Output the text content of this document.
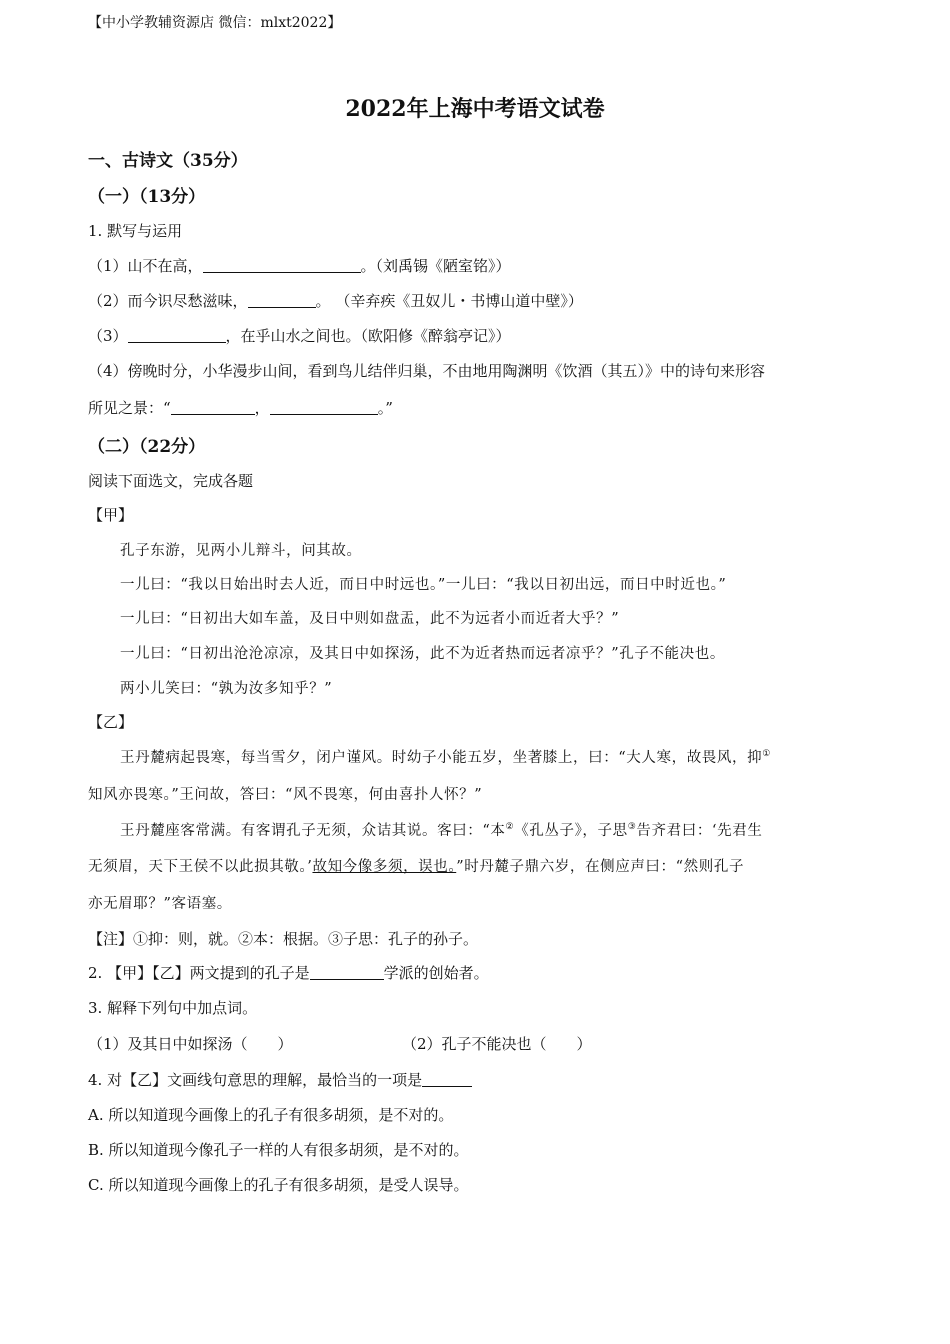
【中小学教辅资源店 微信：mlxt2022】
2022年上海中考语文试卷
一、古诗文（35分）
（一）（13分）
1. 默写与运用
（1）山不在高，	。（刘禹锡《陋室铭》）
（2）而今识尽愁滋味，	。 （辛弃疾《丑奴儿・书博山道中壁》）
（3）	，在乎山水之间也。（欧阳修《醉翁亭记》）
（4）傍晚时分，小华漫步山间，看到鸟儿结伴归巢，不由地用陶渊明《饮酒（其五）》中的诗句来形容
所见之景：“	，	。”
（二）（22分）
阅读下面选文，完成各题
【甲】
孔子东游，见两小儿辩斗，问其故。
一儿曰：“我以日始出时去人近，而日中时远也。”一儿曰：“我以日初出远，而日中时近也。”
一儿曰：“日初出大如车盖，及日中则如盘盂，此不为远者小而近者大乎？”
一儿曰：“日初出沧沧凉凉，及其日中如探汤，此不为近者热而远者凉乎？”孔子不能决也。
两小儿笑曰：“孰为汝多知乎？”
【乙】
王丹麓病起畏寒，每当雪夕，闭户谨风。时幼子小能五岁，坐著膝上，曰：“大人寒，故畏风，抑①
知风亦畏寒。”王问故，答曰：“风不畏寒，何由喜扑人怀？”
王丹麓座客常满。有客谓孔子无须，众诘其说。客曰：“本②《孔丛子》，子思③告齐君曰：‘先君生
无须眉，天下王侯不以此损其敬。’故知今像多须，误也。”时丹麓子鼎六岁，在侧应声曰：“然则孔子
亦无眉耶？”客语塞。
【注】①抑：则，就。②本：根据。③子思：孔子的孙子。
2. 【甲】【乙】两文提到的孔子是	学派的创始者。
3. 解释下列句中加点词。
（1）及其日中如探汤（　　）	（2）孔子不能决也（　　）
4. 对【乙】文画线句意思的理解，最恰当的一项是
A. 所以知道现今画像上的孔子有很多胡须，是不对的。
B. 所以知道现今像孔子一样的人有很多胡须，是不对的。
C. 所以知道现今画像上的孔子有很多胡须，是受人误导。
